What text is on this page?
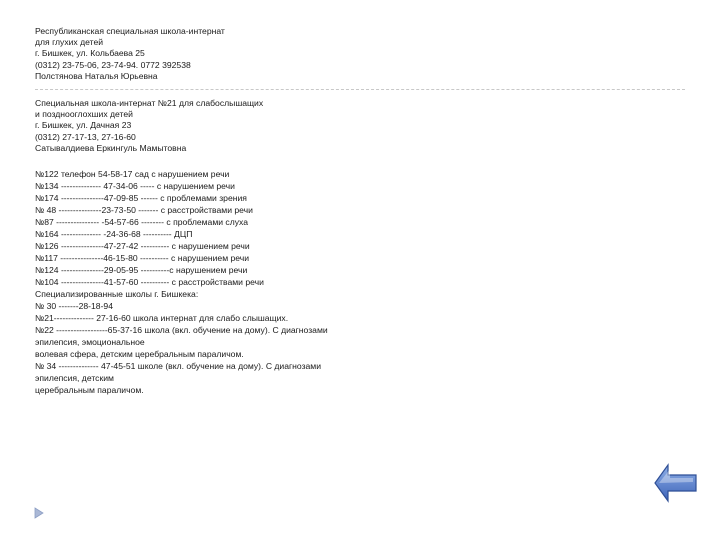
Республиканская специальная школа-интернат
для глухих детей
г. Бишкек, ул. Кольбаева 25
(0312) 23-75-06, 23-74-94. 0772 392538
Полстянова Наталья Юрьевна
Специальная школа-интернат №21 для слабослышащих
и позднооглохших детей
г. Бишкек, ул. Дачная 23
(0312) 27-17-13, 27-16-60
Сатывалдиева Еркингуль Мамытовна
№122 телефон 54-58-17 сад с нарушением речи
№134 -------------- 47-34-06 ----- с нарушением речи
№174 ---------------47-09-85 ------ с проблемами зрения
№ 48 ---------------23-73-50 ------- с расстройствами речи
№87 --------------- -54-57-66 -------- с проблемами слуха
№164 -------------- -24-36-68 ---------- ДЦП
№126 ---------------47-27-42 ---------- с нарушением речи
№117 ---------------46-15-80 ---------- с нарушением речи
№124 ---------------29-05-95 ----------с нарушением речи
№104 ---------------41-57-60 ---------- с расстройствами речи
Специализированные школы г. Бишкека:
№ 30 -------28-18-94
№21-------------- 27-16-60 школа интернат для слабо слышащих.
№22 ------------------65-37-16 школа (вкл. обучение на дому). С диагнозами
эпилепсия, эмоциональное
волевая сфера, детским церебральным параличом.
№ 34 -------------- 47-45-51 школе (вкл. обучение на дому). С диагнозами
эпилепсия, детским
церебральным параличом.
